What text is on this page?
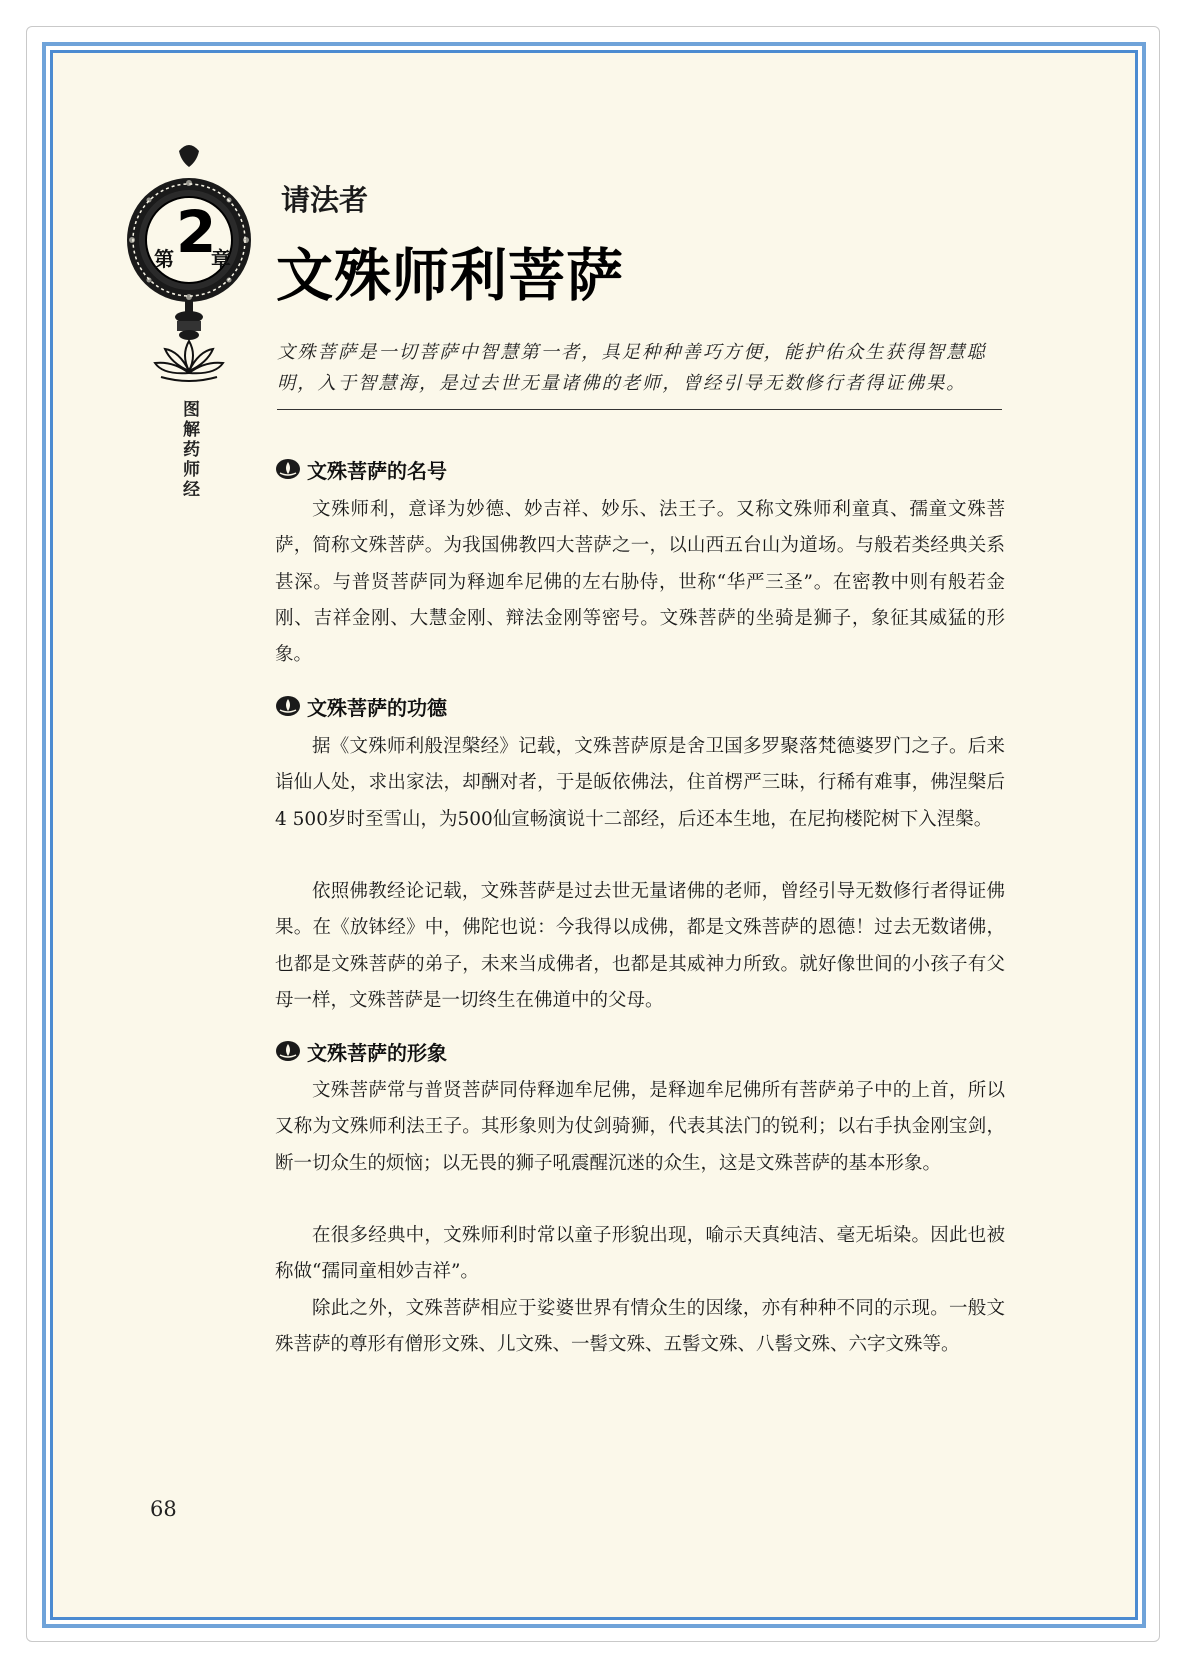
第 2
章
图解药师经
请法者
文殊师利菩萨
文殊菩萨是一切菩萨中智慧第一者，具足种种善巧方便，能护佑众生获得智慧聪明，入于智慧海，是过去世无量诸佛的老师，曾经引导无数修行者得证佛果。
文殊菩萨的名号

文殊师利，意译为妙德、妙吉祥、妙乐、法王子。又称文殊师利童真、孺童文殊菩萨，简称文殊菩萨。为我国佛教四大菩萨之一，以山西五台山为道场。与般若类经典关系甚深。与普贤菩萨同为释迦牟尼佛的左右胁侍，世称“华严三圣”。在密教中则有般若金刚、吉祥金刚、大慧金刚、辩法金刚等密号。文殊菩萨的坐骑是狮子，象征其威猛的形象。

文殊菩萨的功德

据《文殊师利般涅槃经》记载，文殊菩萨原是舍卫国多罗聚落梵德婆罗门之子。后来诣仙人处，求出家法，却酬对者，于是皈依佛法，住首楞严三昧，行稀有难事，佛涅槃后4 500岁时至雪山，为500仙宣畅演说十二部经，后还本生地，在尼拘楼陀树下入涅槃。

依照佛教经论记载，文殊菩萨是过去世无量诸佛的老师，曾经引导无数修行者得证佛果。在《放钵经》中，佛陀也说：今我得以成佛，都是文殊菩萨的恩德！过去无数诸佛，也都是文殊菩萨的弟子，未来当成佛者，也都是其威神力所致。就好像世间的小孩子有父母一样，文殊菩萨是一切终生在佛道中的父母。

文殊菩萨的形象

文殊菩萨常与普贤菩萨同侍释迦牟尼佛，是释迦牟尼佛所有菩萨弟子中的上首，所以又称为文殊师利法王子。其形象则为仗剑骑狮，代表其法门的锐利；以右手执金刚宝剑，断一切众生的烦恼；以无畏的狮子吼震醒沉迷的众生，这是文殊菩萨的基本形象。

在很多经典中，文殊师利时常以童子形貌出现，喻示天真纯洁、毫无垢染。因此也被称做“孺同童相妙吉祥”。

除此之外，文殊菩萨相应于娑婆世界有情众生的因缘，亦有种种不同的示现。一般文殊菩萨的尊形有僧形文殊、儿文殊、一髻文殊、五髻文殊、八髻文殊、六字文殊等。

68
